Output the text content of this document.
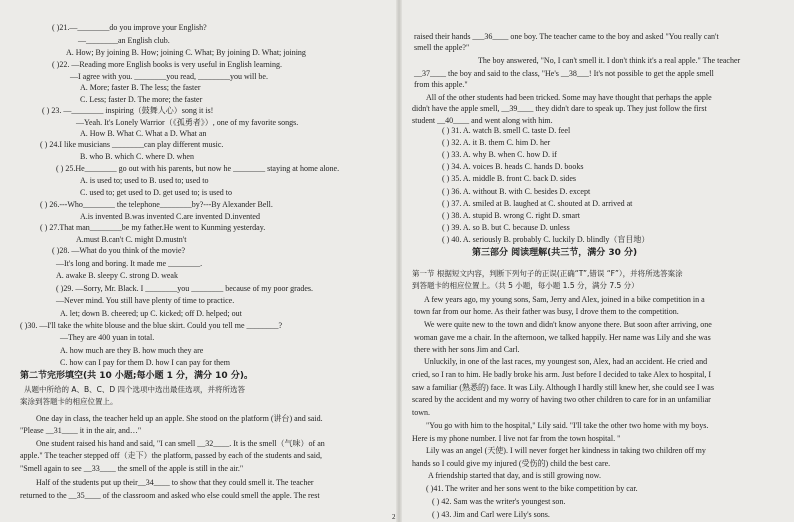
( )21.—________do you improve your English?
—________an English club.
A. How; By joining B. How; joining C. What; By joining D. What; joining
( )22. —Reading more English books is very useful in English learning.
—I agree with you. ________you read, ________you will be.
A. More; faster B. The less; the faster
C. Less; faster D. The more; the faster
( ) 23. —________ inspiring（鼓舞人心）song it is!
—Yeah. It's Lonely Warrior（《孤勇者》）, one of my favorite songs.
A. How B. What C. What a D. What an
( ) 24.I like musicians ________can play different music.
B. who B. which C. where D. when
( ) 25.He________ go out with his parents, but now he ________ staying at home alone.
A. is used to; used to B. used to; used to
C. used to; get used to D. get used to; is used to
( ) 26.---Who________ the telephone________by?---By Alexander Bell.
A.is invented B.was invented C.are invented D.invented
( ) 27.That man________be my father.He went to Kunming yesterday.
A.must B.can't C. might D.mustn't
( )28. —What do you think of the movie?
—It's long and boring. It made me ________.
A. awake B. sleepy C. strong D. weak
( )29. —Sorry, Mr. Black. I ________you ________ because of my poor grades.
—Never mind. You still have plenty of time to practice.
A. let; down B. cheered; up C. kicked; off D. helped; out
( )30. —I'll take the white blouse and the blue skirt. Could you tell me ________?
—They are 400 yuan in total.
A. how much are they B. how much they are
C. how can I pay for them D. how I can pay for them
第二节完形填空(共 10 小题;每小题 1 分，满分 10 分)。
从题中所给的 A、B、C、D 四个选项中选出最佳选项，并将所选答
案涂到答题卡的相应位置上。
One day in class, the teacher held up an apple. She stood on the platform (讲台) and said.
"Please __31____ it in the air, and…"
One student raised his hand and said, "I can smell __32____. It is the smell（气味）of an
apple." The teacher stepped off（走下）the platform, passed by each of the students and said,
"Smell again to see __33____ the smell of the apple is still in the air."
Half of the students put up their__34____ to show that they could smell it. The teacher
returned to the __35____ of the classroom and asked who else could smell the apple. The rest
raised their hands ___36____ one boy. The teacher came to the boy and asked "You really can't
smell the apple?"
The boy answered, "No, I can't smell it. I don't think it's a real apple." The teacher
__37____ the boy and said to the class, "He's __38___! It's not possible to get the apple smell
from this apple."
All of the other students had been tricked. Some may have thought that perhaps the apple
didn't have the apple smell, __39____ they didn't dare to speak up. They just follow the first
student __40____ and went along with him.
( ) 31. A. watch B. smell C. taste D. feel
( ) 32. A. it B. them C. him D. her
( ) 33. A. why B. when C. how D. if
( ) 34. A. voices B. heads C. hands D. books
( ) 35. A. middle B. front C. back D. sides
( ) 36. A. without B. with C. besides D. except
( ) 37. A. smiled at B. laughed at C. shouted at D. arrived at
( ) 38. A. stupid B. wrong C. right D. smart
( ) 39. A. so B. but C. because D. unless
( ) 40. A. seriously B. probably C. luckily D. blindly（盲目地）
第三部分 阅读理解(共三节，满分 30 分)
第一节 根据短文内容，判断下列句子的正误(正确“T”,错误 “F”），并将所选答案涂
到答题卡的相应位置上。（共 5 小题，每小题 1.5 分，满分 7.5 分）
A few years ago, my young sons, Sam, Jerry and Alex, joined in a bike competition in a
town far from our home. As their father was busy, I drove them to the competition.
We were quite new to the town and didn't know anyone there. But soon after arriving, one
woman gave me a chair. In the afternoon, we talked happily. Her name was Lily and she was
there with her sons Jim and Carl.
Unluckily, in one of the last races, my youngest son, Alex, had an accident. He cried and
cried, so I ran to him. He badly broke his arm. Just before I decided to take Alex to hospital, I
saw a familiar (熟悉的) face. It was Lily. Although I hardly still knew her, she could see I was
scared by the accident and my worry of having two other children to care for in an unfamiliar
town.
"You go with him to the hospital," Lily said. "I'll take the other two home with my boys.
Here is my phone number. I live not far from the town hospital. "
Lily was an angel (天使). I will never forget her kindness in taking two children off my
hands so I could give my injured (受伤的) child the best care.
A friendship started that day, and is still growing now.
( )41. The writer and her sons went to the bike competition by car.
( ) 42. Sam was the writer's youngest son.
( ) 43. Jim and Carl were Lily's sons.
2
